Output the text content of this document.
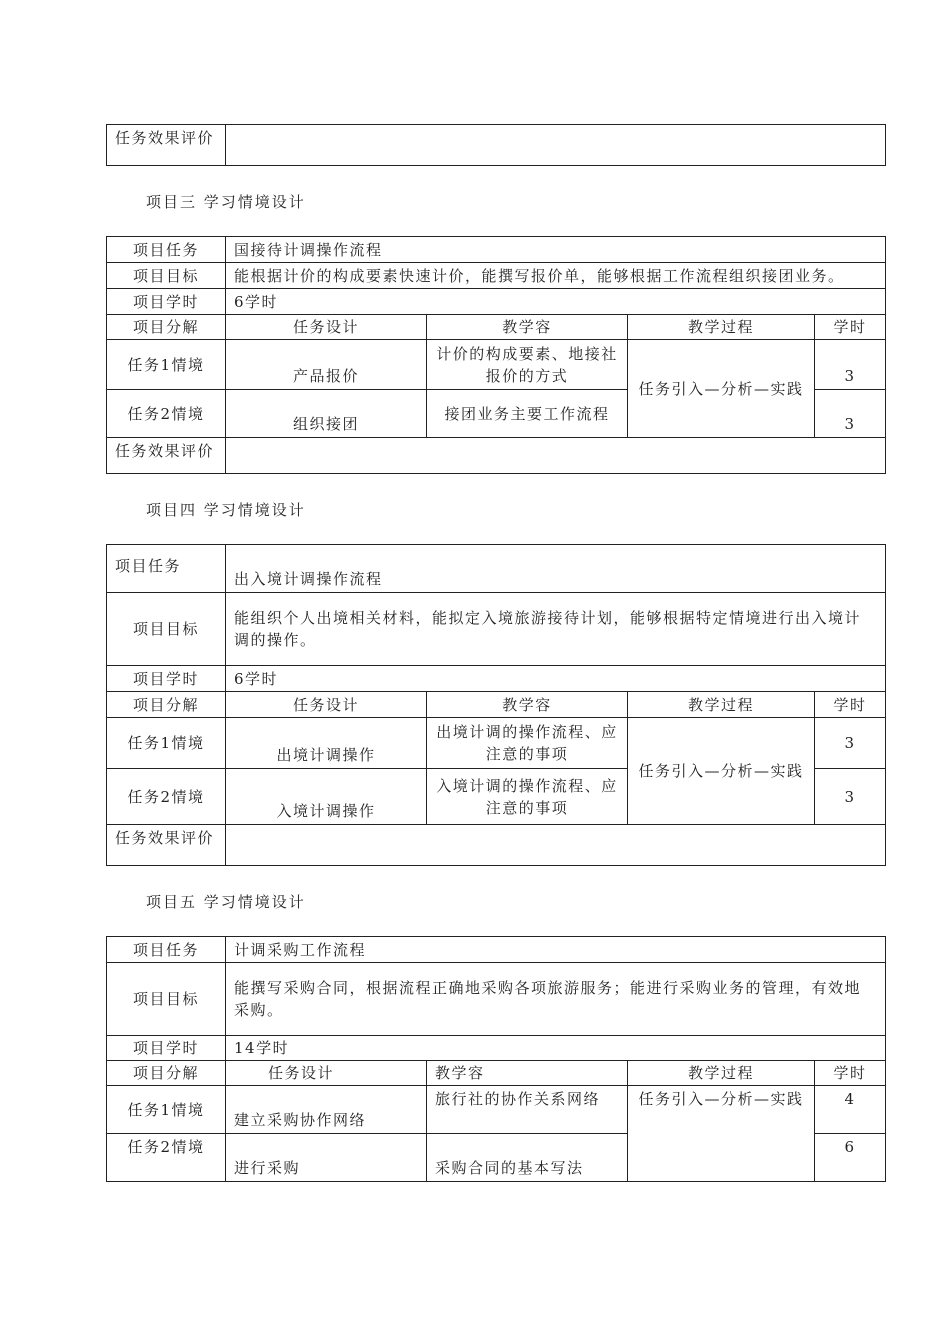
任务效果评价	
项目三 学习情境设计
项目任务	国接待计调操作流程			
项目目标	能根据计价的构成要素快速计价，能撰写报价单，能够根据工作流程组织接团业务。			
项目学时	6学时			
项目分解	任务设计	教学容	教学过程	学时
任务1情境	产品报价	计价的构成要素、地接社报价的方式	任务引入—分析—实践	3
任务2情境	组织接团	接团业务主要工作流程		3
任务效果评价				
项目四 学习情境设计
项目任务	出入境计调操作流程			
项目目标	能组织个人出境相关材料，能拟定入境旅游接待计划，能够根据特定情境进行出入境计调的操作。			
项目学时	6学时			
项目分解	任务设计	教学容	教学过程	学时
任务1情境	出境计调操作	出境计调的操作流程、应注意的事项	任务引入—分析—实践	3
任务2情境	入境计调操作	入境计调的操作流程、应注意的事项		3
任务效果评价				
项目五 学习情境设计
项目任务	计调采购工作流程			
项目目标	能撰写采购合同，根据流程正确地采购各项旅游服务；能进行采购业务的管理，有效地采购。			
项目学时	14学时			
项目分解	任务设计	教学容	教学过程	学时
任务1情境	建立采购协作网络	旅行社的协作关系网络	任务引入—分析—实践	4
任务2情境	进行采购	采购合同的基本写法		6
